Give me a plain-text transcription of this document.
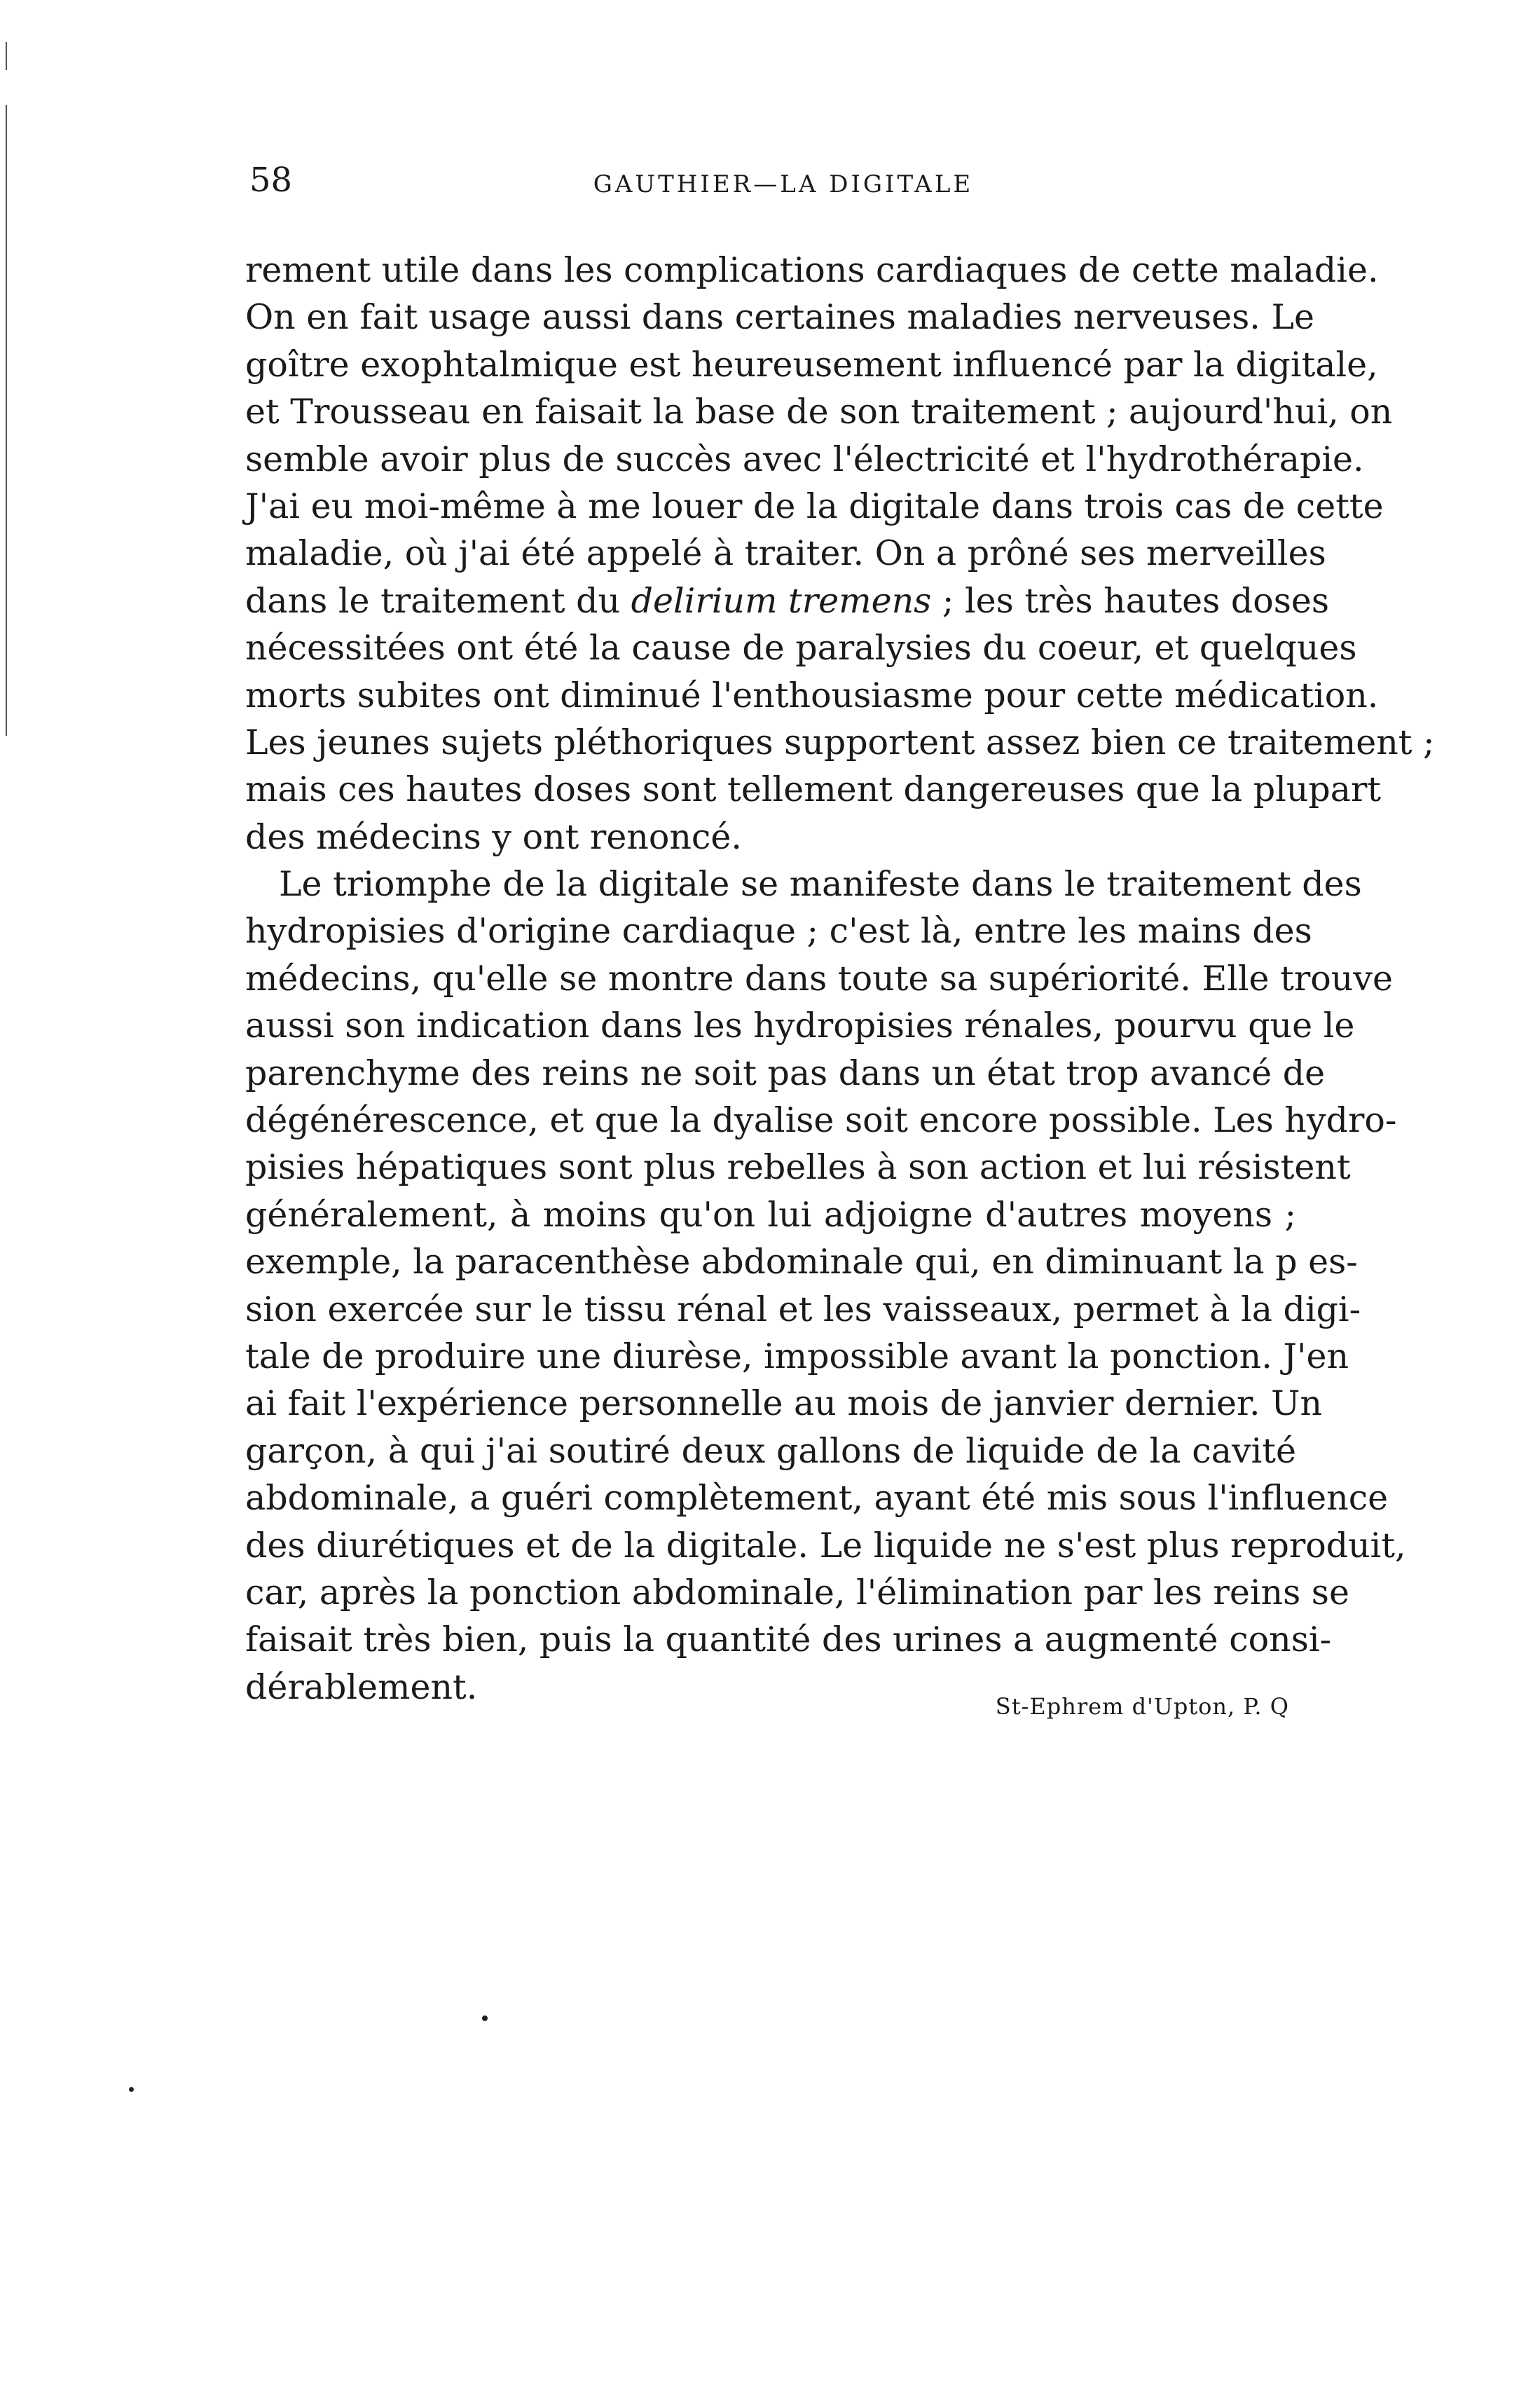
58	GAUTHIER—LA DIGITALE
rement utile dans les complications cardiaques de cette maladie.
On en fait usage aussi dans certaines maladies nerveuses. Le
goître exophtalmique est heureusement influencé par la digitale,
et Trousseau en faisait la base de son traitement ; aujourd'hui, on
semble avoir plus de succès avec l'électricité et l'hydrothérapie.
J'ai eu moi-même à me louer de la digitale dans trois cas de cette
maladie, où j'ai été appelé à traiter. On a prôné ses merveilles
dans le traitement du delirium tremens ; les très hautes doses
nécessitées ont été la cause de paralysies du coeur, et quelques
morts subites ont diminué l'enthousiasme pour cette médication.
Les jeunes sujets pléthoriques supportent assez bien ce traitement ;
mais ces hautes doses sont tellement dangereuses que la plupart
des médecins y ont renoncé.
Le triomphe de la digitale se manifeste dans le traitement des
hydropisies d'origine cardiaque ; c'est là, entre les mains des
médecins, qu'elle se montre dans toute sa supériorité. Elle trouve
aussi son indication dans les hydropisies rénales, pourvu que le
parenchyme des reins ne soit pas dans un état trop avancé de
dégénérescence, et que la dyalise soit encore possible. Les hydro-
pisies hépatiques sont plus rebelles à son action et lui résistent
généralement, à moins qu'on lui adjoigne d'autres moyens ;
exemple, la paracenthèse abdominale qui, en diminuant la p es-
sion exercée sur le tissu rénal et les vaisseaux, permet à la digi-
tale de produire une diurèse, impossible avant la ponction. J'en
ai fait l'expérience personnelle au mois de janvier dernier. Un
garçon, à qui j'ai soutiré deux gallons de liquide de la cavité
abdominale, a guéri complètement, ayant été mis sous l'influence
des diurétiques et de la digitale. Le liquide ne s'est plus reproduit,
car, après la ponction abdominale, l'élimination par les reins se
faisait très bien, puis la quantité des urines a augmenté consi-
dérablement.	St-Ephrem d'Upton, P. Q
